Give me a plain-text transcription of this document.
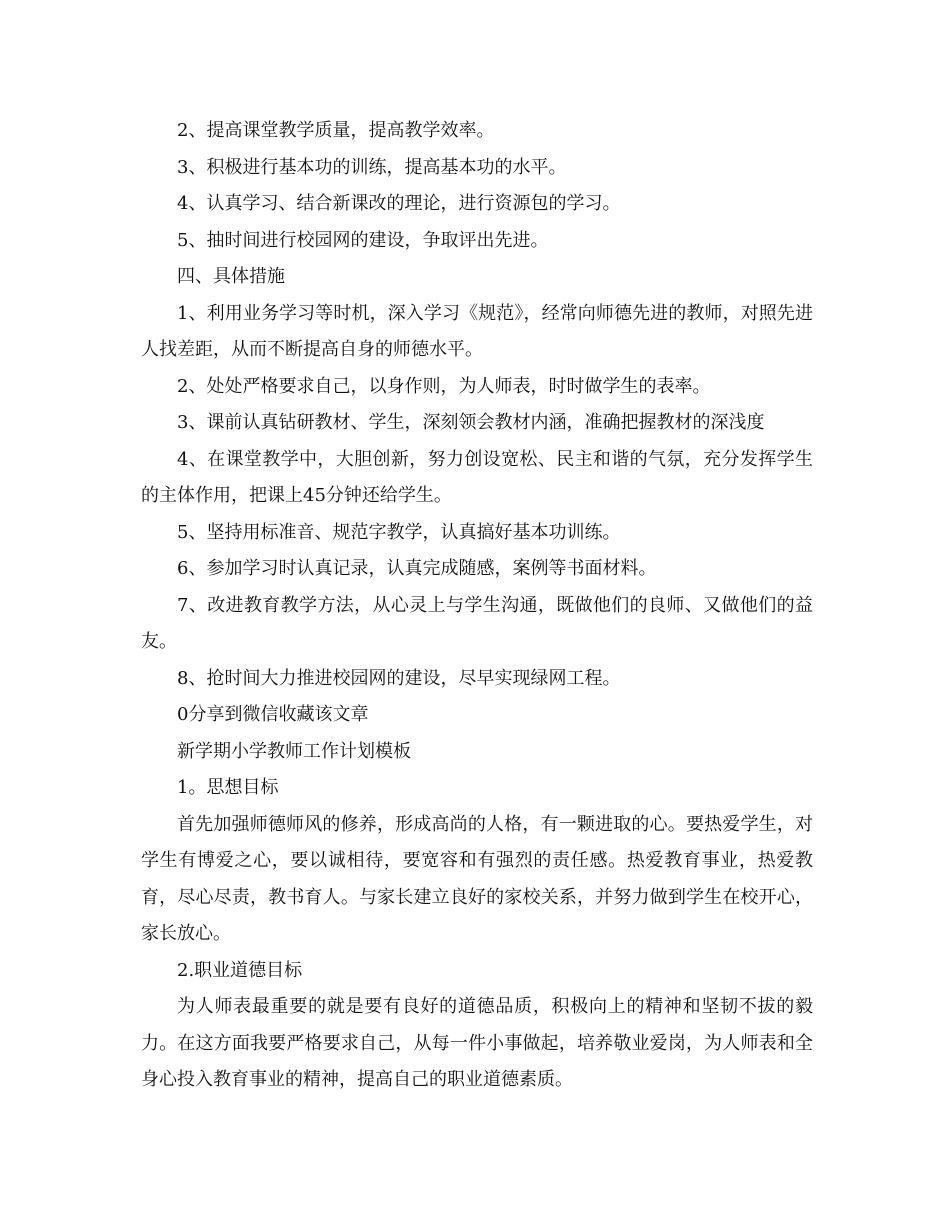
2、提高课堂教学质量，提高教学效率。

3、积极进行基本功的训练，提高基本功的水平。

4、认真学习、结合新课改的理论，进行资源包的学习。

5、抽时间进行校园网的建设，争取评出先进。

四、具体措施

1、利用业务学习等时机，深入学习《规范》，经常向师德先进的教师，对照先进人找差距，从而不断提高自身的师德水平。

2、处处严格要求自己，以身作则，为人师表，时时做学生的表率。

3、课前认真钻研教材、学生，深刻领会教材内涵，准确把握教材的深浅度

4、在课堂教学中，大胆创新，努力创设宽松、民主和谐的气氛，充分发挥学生的主体作用，把课上45分钟还给学生。

5、坚持用标准音、规范字教学，认真搞好基本功训练。

6、参加学习时认真记录，认真完成随感，案例等书面材料。

7、改进教育教学方法，从心灵上与学生沟通，既做他们的良师、又做他们的益友。

8、抢时间大力推进校园网的建设，尽早实现绿网工程。

0分享到微信收藏该文章

新学期小学教师工作计划模板

1。思想目标

首先加强师德师风的修养，形成高尚的人格，有一颗进取的心。要热爱学生，对学生有博爱之心，要以诚相待，要宽容和有强烈的责任感。热爱教育事业，热爱教育，尽心尽责，教书育人。与家长建立良好的家校关系，并努力做到学生在校开心，家长放心。

2.职业道德目标

为人师表最重要的就是要有良好的道德品质，积极向上的精神和坚韧不拔的毅力。在这方面我要严格要求自己，从每一件小事做起，培养敬业爱岗，为人师表和全身心投入教育事业的精神，提高自己的职业道德素质。
